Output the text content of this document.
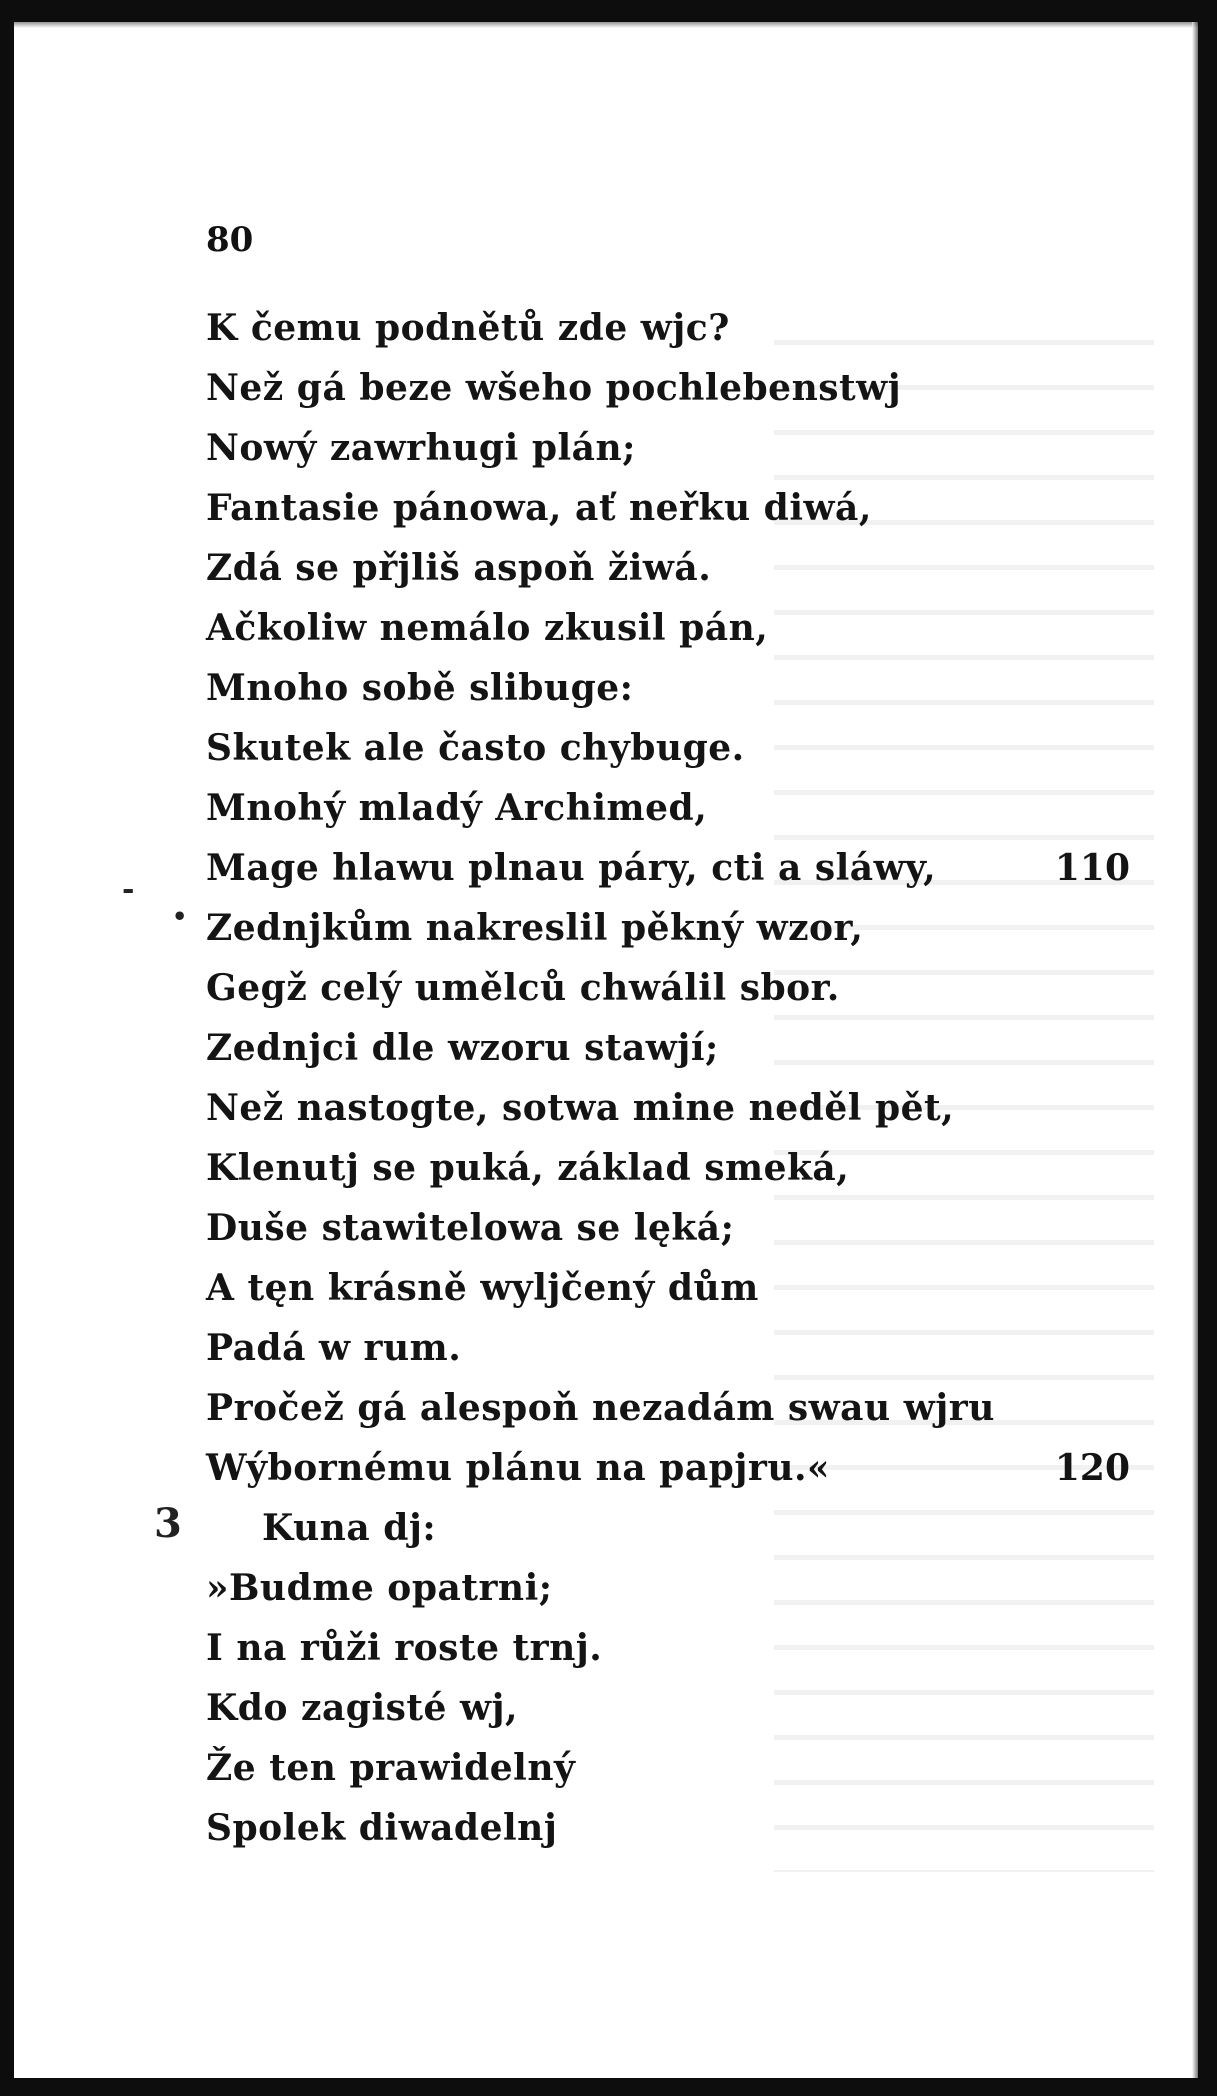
80
K čemu podnětů zde wjc?
Než gá beze wšeho pochlebenstwj
Nowý zawrhugi plán;
Fantasie pánowa, ať neřku diwá,
Zdá se přjliš aspoň žiwá.
Ačkoliw nemálo zkusil pán,
Mnoho sobě slibuge:
Skutek ale často chybuge.
Mnohý mladý Archimed,
Mage hlawu plnau páry, cti a sláwy,	110
Zednjkům nakreslil pěkný wzor,
Gegž celý umělců chwálil sbor.
Zednjci dle wzoru stawjí;
Než nastogte, sotwa mine neděl pět,
Klenutj se puká, základ smeká,
Duše stawitelowa se lęká;
A tęn krásně wyljčený dům
Padá w rum.
Pročež gá alespoň nezadám swau wjru
Wýbornému plánu na papjru.«	120
Kuna dj:
»Budme opatrni;
I na růži roste trnj.
Kdo zagisté wj,
Že ten prawidelný
Spolek diwadelnj
3
-
•
